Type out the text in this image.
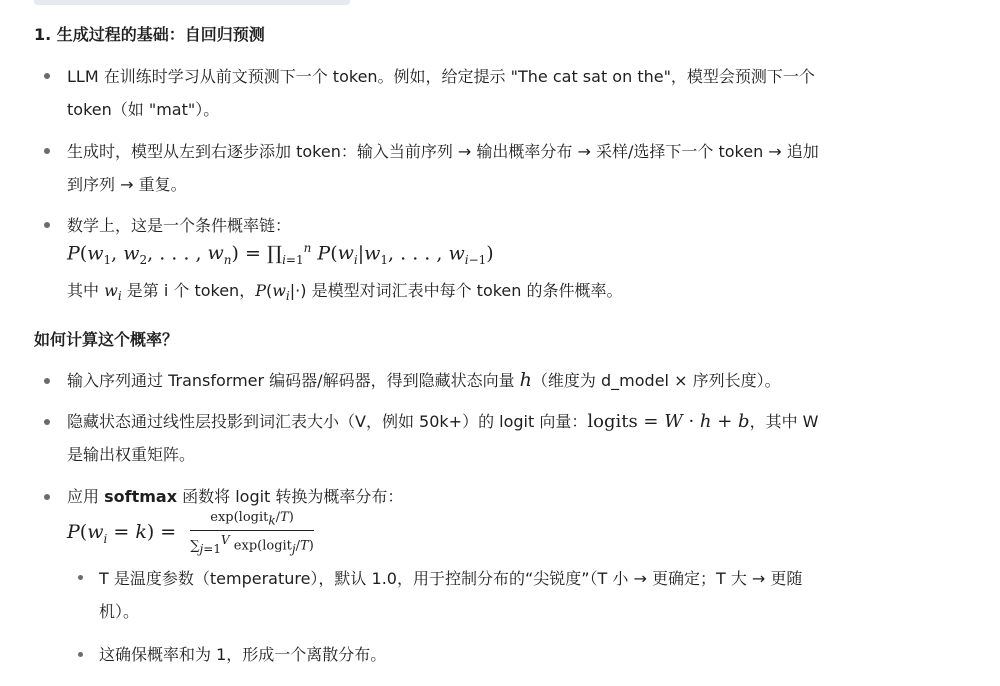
1. 生成过程的基础：自回归预测
LLM 在训练时学习从前文预测下一个 token。例如，给定提示 "The cat sat on the"，模型会预测下一个
token（如 "mat"）。
生成时，模型从左到右逐步添加 token：输入当前序列 → 输出概率分布 → 采样/选择下一个 token → 追加
到序列 → 重复。
数学上，这是一个条件概率链：
$P(w_1$, $w_2$, . . . , $w_n$) = $\prod_{i=1}^n$ $P(w_i|w_1$, . . . , $w_{i-1}$)
其中 $w_i$ 是第 i 个 token，$P(w_i|\cdot)$ 是模型对词汇表中每个 token 的条件概率。
如何计算这个概率？
输入序列通过 Transformer 编码器/解码器，得到隐藏状态向量 h（维度为 d_model × 序列长度）。
隐藏状态通过线性层投影到词汇表大小（V，例如 50k+）的 logit 向量：logits = W · h + b，其中 W
是输出权重矩阵。
应用 softmax 函数将 logit 转换为概率分布：
$P(w_i = k) = \frac{\exp(logit_k/T)}{\sum_{j=1}^V \exp(logit_j/T)}$
T 是温度参数（temperature），默认 1.0，用于控制分布的“尖锐度”（T 小 → 更确定；T 大 → 更随
机）。
这确保概率和为 1，形成一个离散分布。
